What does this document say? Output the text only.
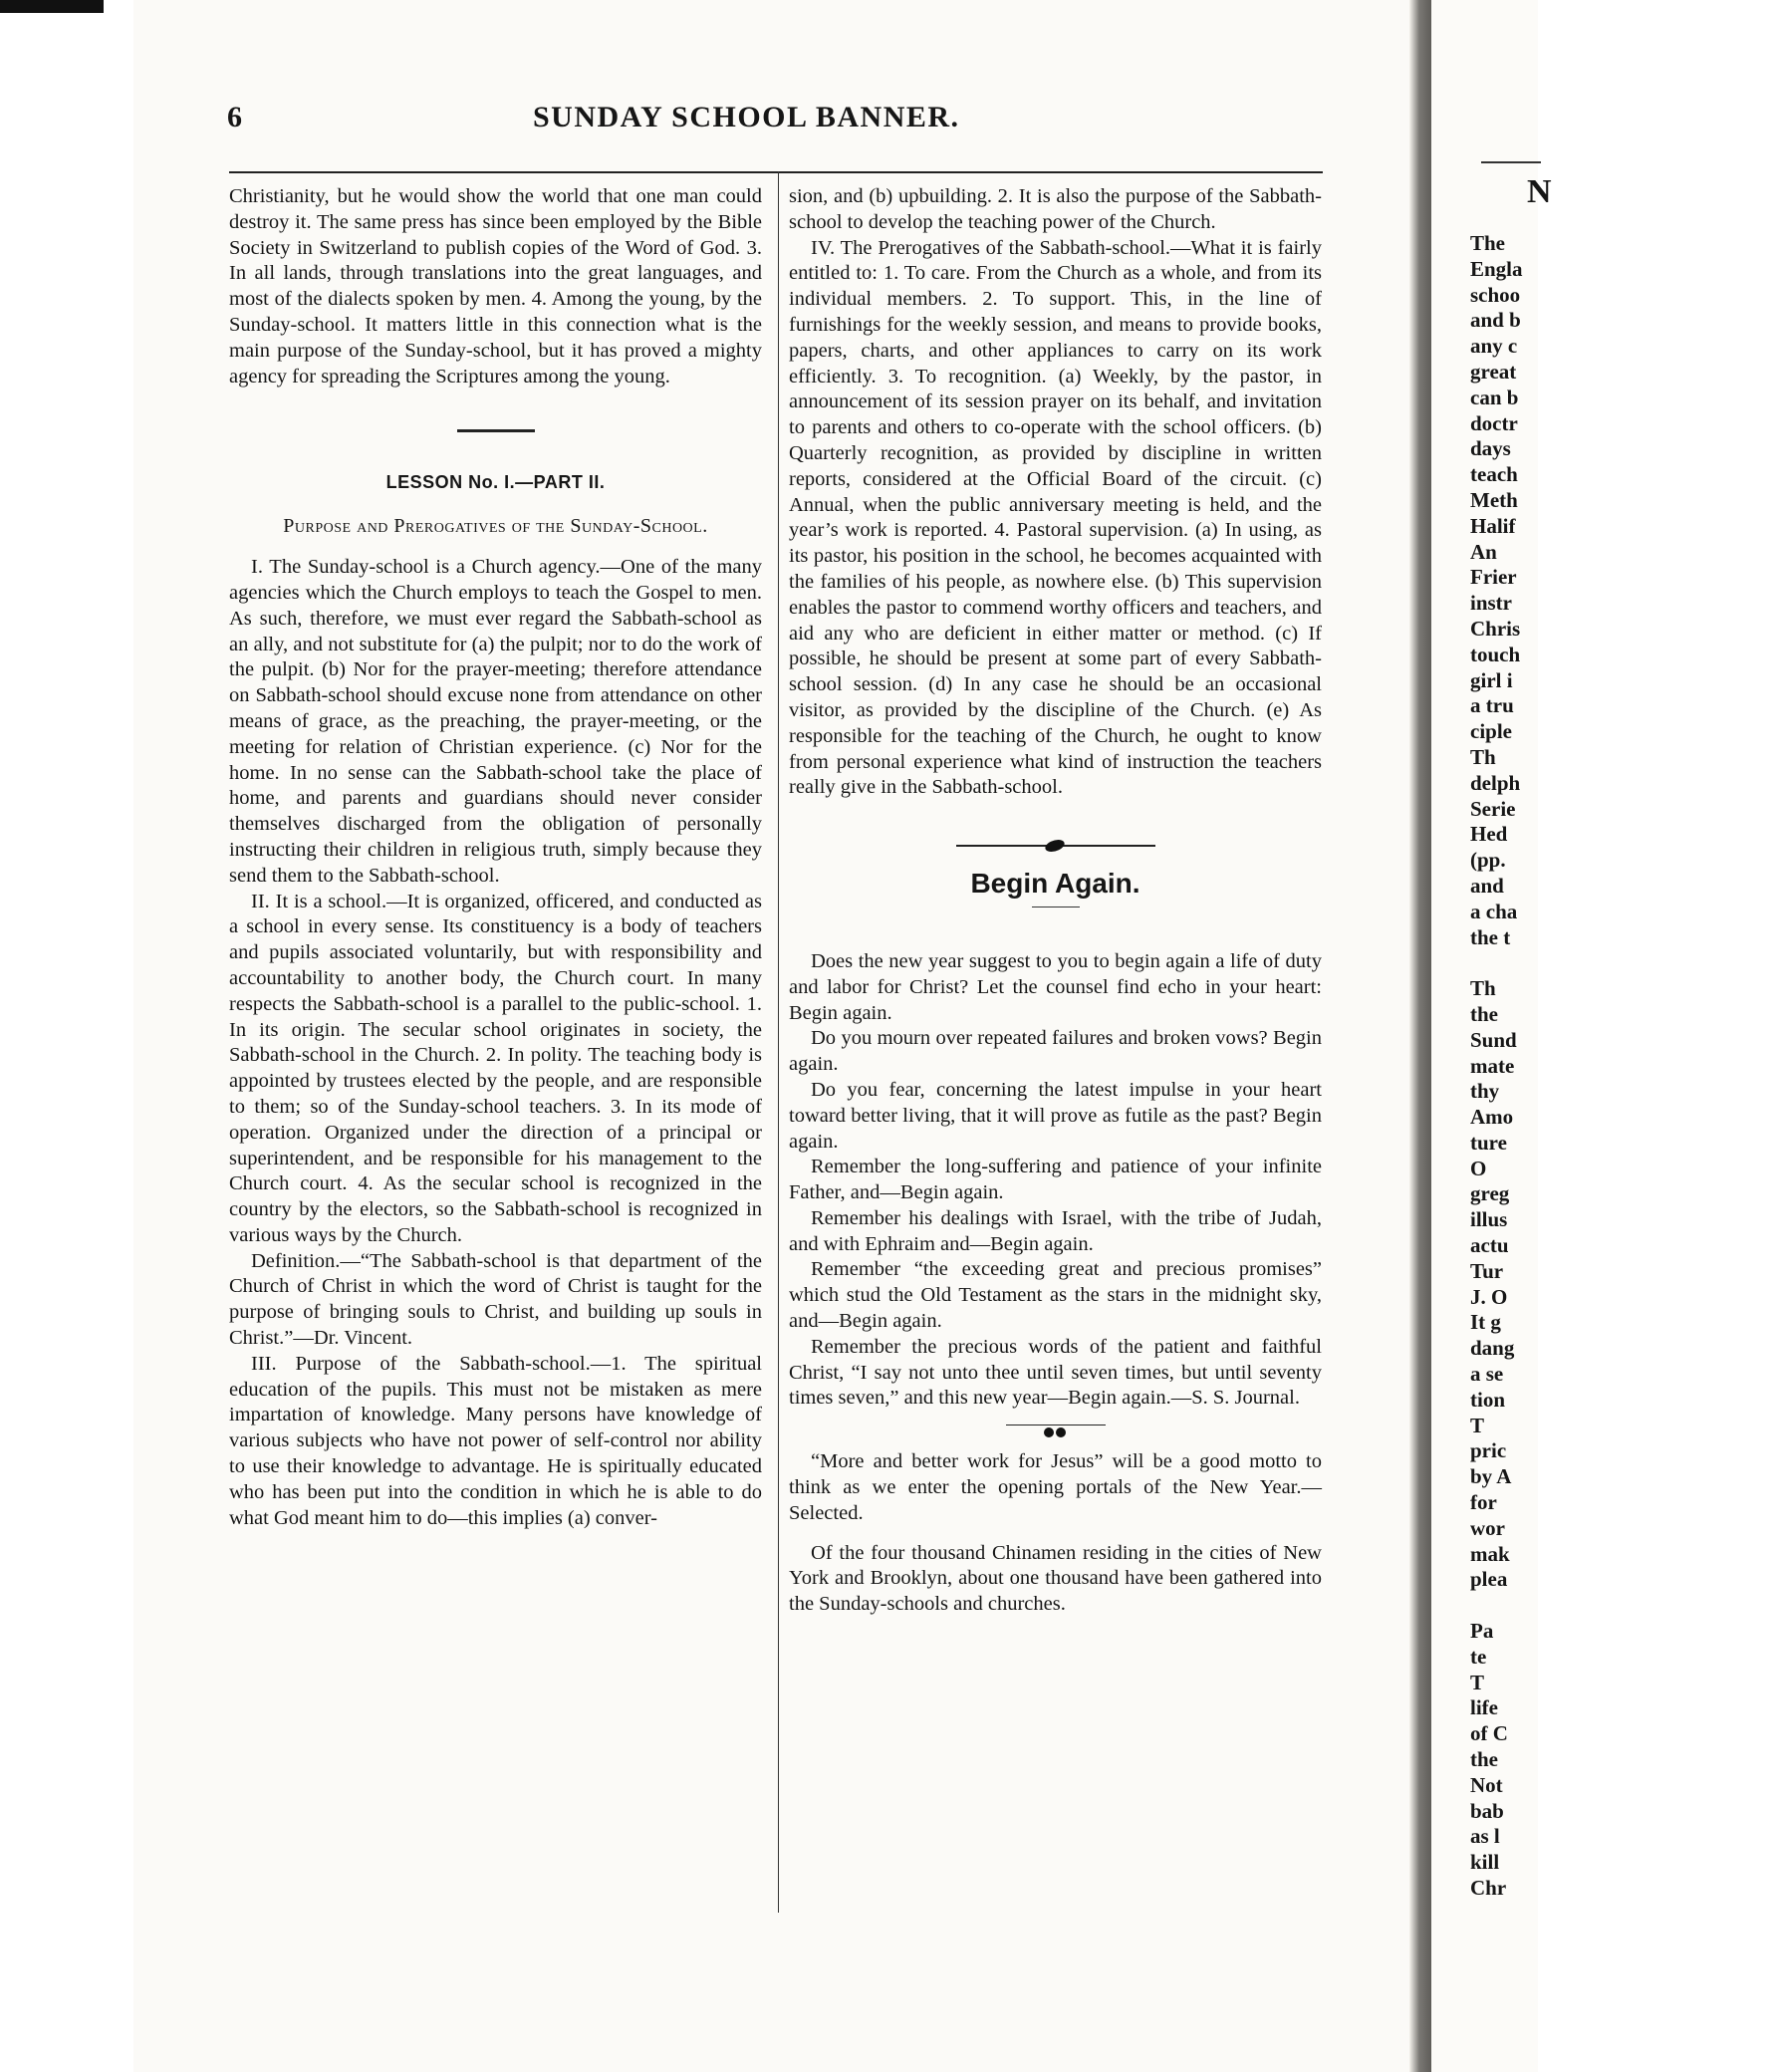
N
The
Engla
schoo
and b
any c
great
can b
doctr
days
teach
Meth
Halif
An
Frier
instr
Chris
touch
girl i
a tru
ciple
Th
delph
Serie
Hed
(pp.
and
a cha
the t
Th
the
Sund
mate
thy
Amo
ture
O
greg
illus
actu
Tur
J. O
It g
dang
a se
tion
T
pric
by A
for
wor
mak
plea
Pa
te
T
life
of C
the
Not
bab
as l
kill
Chr
6	SUNDAY SCHOOL BANNER.

Christianity, but he would show the world that one man could destroy it. The same press has since been employed by the Bible Society in Switzerland to publish copies of the Word of God. 3. In all lands, through translations into the great languages, and most of the dialects spoken by men. 4. Among the young, by the Sunday-school. It matters little in this connection what is the main purpose of the Sunday-school, but it has proved a mighty agency for spreading the Scriptures among the young.

LESSON No. I.—PART II.
Purpose and Prerogatives of the Sunday-School.

I. The Sunday-school is a Church agency.—One of the many agencies which the Church employs to teach the Gospel to men. As such, therefore, we must ever regard the Sabbath-school as an ally, and not substitute for (a) the pulpit; nor to do the work of the pulpit. (b) Nor for the prayer-meeting; therefore attendance on Sabbath-school should excuse none from attendance on other means of grace, as the preaching, the prayer-meeting, or the meeting for relation of Christian experience. (c) Nor for the home. In no sense can the Sabbath-school take the place of home, and parents and guardians should never consider themselves discharged from the obligation of personally instructing their children in religious truth, simply because they send them to the Sabbath-school.

II. It is a school.—It is organized, officered, and conducted as a school in every sense. Its constituency is a body of teachers and pupils associated voluntarily, but with responsibility and accountability to another body, the Church court. In many respects the Sabbath-school is a parallel to the public-school. 1. In its origin. The secular school originates in society, the Sabbath-school in the Church. 2. In polity. The teaching body is appointed by trustees elected by the people, and are responsible to them; so of the Sunday-school teachers. 3. In its mode of operation. Organized under the direction of a principal or superintendent, and be responsible for his management to the Church court. 4. As the secular school is recognized in the country by the electors, so the Sabbath-school is recognized in various ways by the Church.

Definition.—“The Sabbath-school is that department of the Church of Christ in which the word of Christ is taught for the purpose of bringing souls to Christ, and building up souls in Christ.”—Dr. Vincent.

III. Purpose of the Sabbath-school.—1. The spiritual education of the pupils. This must not be mistaken as mere impartation of knowledge. Many persons have knowledge of various subjects who have not power of self-control nor ability to use their knowledge to advantage. He is spiritually educated who has been put into the condition in which he is able to do what God meant him to do—this implies (a) conver-

sion, and (b) upbuilding. 2. It is also the purpose of the Sabbath-school to develop the teaching power of the Church.

IV. The Prerogatives of the Sabbath-school.—What it is fairly entitled to: 1. To care. From the Church as a whole, and from its individual members. 2. To support. This, in the line of furnishings for the weekly session, and means to provide books, papers, charts, and other appliances to carry on its work efficiently. 3. To recognition. (a) Weekly, by the pastor, in announcement of its session prayer on its behalf, and invitation to parents and others to co-operate with the school officers. (b) Quarterly recognition, as provided by discipline in written reports, considered at the Official Board of the circuit. (c) Annual, when the public anniversary meeting is held, and the year’s work is reported. 4. Pastoral supervision. (a) In using, as its pastor, his position in the school, he becomes acquainted with the families of his people, as nowhere else. (b) This supervision enables the pastor to commend worthy officers and teachers, and aid any who are deficient in either matter or method. (c) If possible, he should be present at some part of every Sabbath-school session. (d) In any case he should be an occasional visitor, as provided by the discipline of the Church. (e) As responsible for the teaching of the Church, he ought to know from personal experience what kind of instruction the teachers really give in the Sabbath-school.

Begin Again.

Does the new year suggest to you to begin again a life of duty and labor for Christ? Let the counsel find echo in your heart: Begin again.

Do you mourn over repeated failures and broken vows? Begin again.

Do you fear, concerning the latest impulse in your heart toward better living, that it will prove as futile as the past? Begin again.

Remember the long-suffering and patience of your infinite Father, and—Begin again.

Remember his dealings with Israel, with the tribe of Judah, and with Ephraim and—Begin again.

Remember “the exceeding great and precious promises” which stud the Old Testament as the stars in the midnight sky, and—Begin again.

Remember the precious words of the patient and faithful Christ, “I say not unto thee until seven times, but until seventy times seven,” and this new year—Begin again.—S. S. Journal.

“More and better work for Jesus” will be a good motto to think as we enter the opening portals of the New Year.—Selected.

Of the four thousand Chinamen residing in the cities of New York and Brooklyn, about one thousand have been gathered into the Sunday-schools and churches.
